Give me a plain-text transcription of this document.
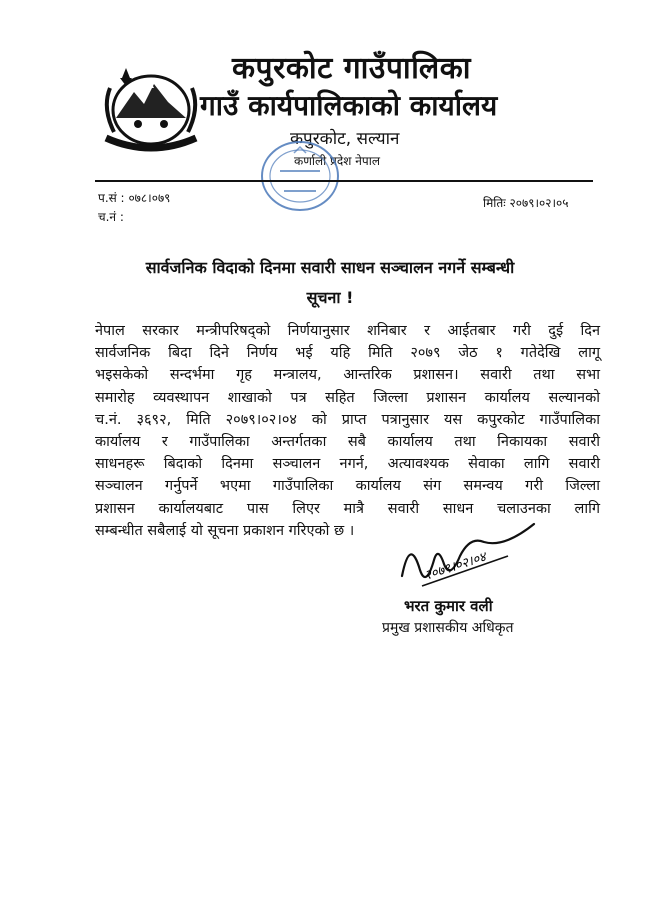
कपुरकोट गाउँपालिका
गाउँ कार्यपालिकाको कार्यालय
कपुरकोट, सल्यान
कर्णाली प्रदेश नेपाल
प.सं : ०७८।०७९
च.नं :
मितिः २०७९।०२।०५
सार्वजनिक विदाको दिनमा सवारी साधन सञ्चालन नगर्ने सम्बन्धी
सूचना !
नेपाल सरकार मन्त्रीपरिषद्को निर्णयानुसार शनिबार र आईतबार गरी दुई दिन
सार्वजनिक बिदा दिने निर्णय भई यहि मिति २०७९ जेठ १ गतेदेखि लागू
भइसकेको सन्दर्भमा गृह मन्त्रालय, आन्तरिक प्रशासन। सवारी तथा सभा
समारोह व्यवस्थापन शाखाको पत्र सहित जिल्ला प्रशासन कार्यालय सल्यानको
च.नं. ३६९२, मिति २०७९।०२।०४ को प्राप्त पत्रानुसार यस कपुरकोट गाउँपालिका
कार्यालय र गाउँपालिका अन्तर्गतका सबै कार्यालय तथा निकायका सवारी
साधनहरू बिदाको दिनमा सञ्चालन नगर्न, अत्यावश्यक सेवाका लागि सवारी
सञ्चालन गर्नुपर्ने भएमा गाउँपालिका कार्यालय संग समन्वय गरी जिल्ला
प्रशासन कार्यालयबाट पास लिएर मात्रै सवारी साधन चलाउनका लागि
सम्बन्धीत सबैलाई यो सूचना प्रकाशन गरिएको छ ।
२०७९।०२।०४
भरत कुमार वली
प्रमुख प्रशासकीय अधिकृत
